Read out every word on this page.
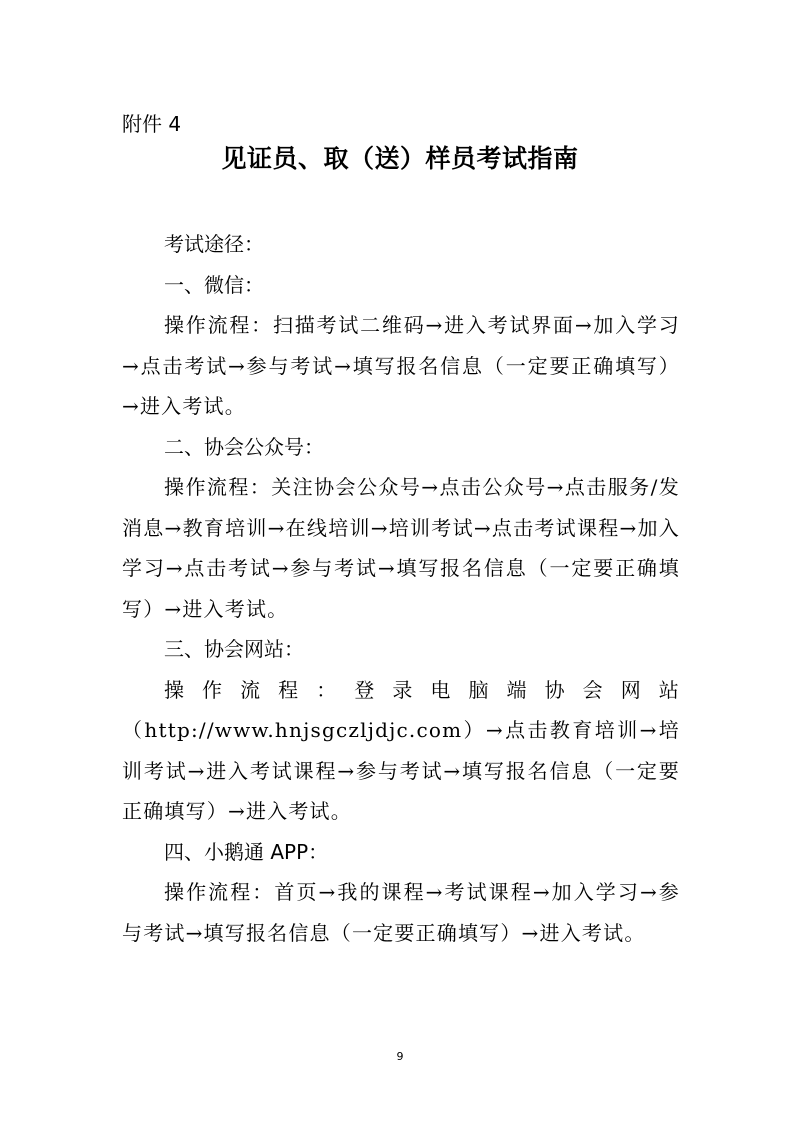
附件 4
见证员、取（送）样员考试指南

考试途径：

一、微信：

操作流程：扫描考试二维码→进入考试界面→加入学习→点击考试→参与考试→填写报名信息（一定要正确填写）→进入考试。

二、协会公众号：

操作流程：关注协会公众号→点击公众号→点击服务/发消息→教育培训→在线培训→培训考试→点击考试课程→加入学习→点击考试→参与考试→填写报名信息（一定要正确填写）→进入考试。

三、协会网站：

操作流程：登录电脑端协会网站

（http://www.hnjsgczljdjc.com）→点击教育培训→培训考试→进入考试课程→参与考试→填写报名信息（一定要正确填写）→进入考试。

四、小鹅通 APP：

操作流程：首页→我的课程→考试课程→加入学习→参与考试→填写报名信息（一定要正确填写）→进入考试。

9
